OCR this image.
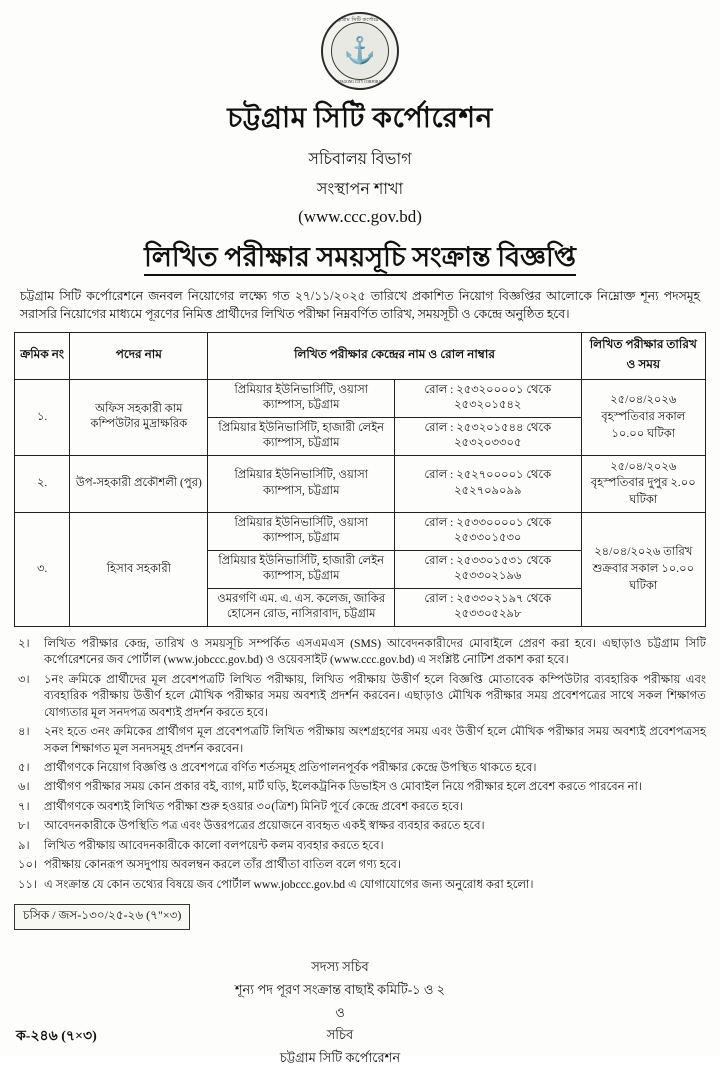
চট্টগ্রাম সিটি কর্পোরেশন
⚓
CHITTAGONG CITY CORPORATION
চট্টগ্রাম সিটি কর্পোরেশন
সচিবালয় বিভাগ
সংস্থাপন শাখা
(www.ccc.gov.bd)
লিখিত পরীক্ষার সময়সূচি সংক্রান্ত বিজ্ঞপ্তি
চট্টগ্রাম সিটি কর্পোরেশনে জনবল নিয়োগের লক্ষ্যে গত ২৭/১১/২০২৫ তারিখে প্রকাশিত নিয়োগ বিজ্ঞপ্তির আলোকে নিম্নোক্ত শূন্য পদসমূহ সরাসরি নিয়োগের মাধ্যমে পূরণের নিমিত্ত প্রার্থীদের লিখিত পরীক্ষা নিম্নবর্ণিত তারিখ, সময়সূচী ও কেন্দ্রে অনুষ্ঠিত হবে।
ক্রমিক নং	পদের নাম	লিখিত পরীক্ষার কেন্দ্রের নাম ও রোল নাম্বার		লিখিত পরীক্ষার তারিখ ও সময়
১.	অফিস সহকারী কাম কম্পিউটার মুদ্রাক্ষরিক	প্রিমিয়ার ইউনিভার্সিটি, ওয়াসা ক্যাম্পাস, চট্টগ্রাম	রোল : ২৫৩২০০০০১ থেকে ২৫৩২০১৫৪২	২৫/০৪/২০২৬ বৃহস্পতিবার সকাল ১০.০০ ঘটিকা
		প্রিমিয়ার ইউনিভার্সিটি, হাজারী লেইন ক্যাম্পাস, চট্টগ্রাম	রোল : ২৫৩২০১৫৪৪ থেকে ২৫৩২০৩৩০৫	
২.	উপ-সহকারী প্রকৌশলী (পুর)	প্রিমিয়ার ইউনিভার্সিটি, ওয়াসা ক্যাম্পাস, চট্টগ্রাম	রোল : ২৫২৭০০০০১ থেকে ২৫২৭০৯০৯৯	২৫/০৪/২০২৬ বৃহস্পতিবার দুপুর ২.০০ ঘটিকা
৩.	হিসাব সহকারী	প্রিমিয়ার ইউনিভার্সিটি, ওয়াসা ক্যাম্পাস, চট্টগ্রাম	রোল : ২৫৩৩০০০০১ থেকে ২৫৩৩০১৫৩০	২৪/০৪/২০২৬ তারিখ শুক্রবার সকাল ১০.০০ ঘটিকা
		প্রিমিয়ার ইউনিভার্সিটি, হাজারী লেইন ক্যাম্পাস, চট্টগ্রাম	রোল : ২৫৩৩০১৫৩১ থেকে ২৫৩৩০২১৯৬	
		ওমরগণি এম. এ. এস. কলেজ, জাকির হোসেন রোড, নাসিরাবাদ, চট্টগ্রাম	রোল : ২৫৩৩০২১৯৭ থেকে ২৫৩৩০৫২৯৮	
২।	লিখিত পরীক্ষার কেন্দ্র, তারিখ ও সময়সূচি সম্পর্কিত এসএমএস (SMS) আবেদনকারীদের মোবাইলে প্রেরণ করা হবে। এছাড়াও চট্টগ্রাম সিটি কর্পোরেশনের জব পোর্টাল (www.jobccc.gov.bd) ও ওয়েবসাইট (www.ccc.gov.bd) এ সংশ্লিষ্ট নোটিশ প্রকাশ করা হবে।
৩।	১নং ক্রমিকে প্রার্থীদের মূল প্রবেশপত্রটি লিখিত পরীক্ষায়, লিখিত পরীক্ষায় উত্তীর্ণ হলে বিজ্ঞপ্তি মোতাবেক কম্পিউটার ব্যবহারিক পরীক্ষায় এবং ব্যবহারিক পরীক্ষায় উত্তীর্ণ হলে মৌখিক পরীক্ষার সময় অবশ্যই প্রদর্শন করবেন। এছাড়াও মৌখিক পরীক্ষার সময় প্রবেশপত্রের সাথে সকল শিক্ষাগত যোগ্যতার মূল সনদপত্র অবশ্যই প্রদর্শন করতে হবে।
৪।	২নং হতে ৩নং ক্রমিকের প্রার্থীগণ মূল প্রবেশপত্রটি লিখিত পরীক্ষায় অংশগ্রহণের সময় এবং উত্তীর্ণ হলে মৌখিক পরীক্ষার সময় অবশ্যই প্রবেশপত্রসহ সকল শিক্ষাগত মূল সনদসমূহ প্রদর্শন করবেন।
৫।	প্রার্থীগণকে নিয়োগ বিজ্ঞপ্তি ও প্রবেশপত্রে বর্ণিত শর্তসমূহ প্রতিপালনপূর্বক পরীক্ষার কেন্দ্রে উপস্থিত থাকতে হবে।
৬।	প্রার্থীগণ পরীক্ষার সময় কোন প্রকার বই, ব্যাগ, মার্ট ঘড়ি, ইলেকট্রনিক ডিভাইস ও মোবাইল নিয়ে পরীক্ষার হলে প্রবেশ করতে পারবেন না।
৭।	প্রার্থীগণকে অবশ্যই লিখিত পরীক্ষা শুরু হওয়ার ৩০(ত্রিশ) মিনিট পূর্বে কেন্দ্রে প্রবেশ করতে হবে।
৮।	আবেদনকারীকে উপস্থিতি পত্র এবং উত্তরপত্রের প্রয়োজনে ব্যবহৃত একই স্বাক্ষর ব্যবহার করতে হবে।
৯।	লিখিত পরীক্ষায় আবেদনকারীকে কালো বলপয়েন্ট কলম ব্যবহার করতে হবে।
১০। পরীক্ষায় কোনরূপ অসদুপায় অবলম্বন করলে তাঁর প্রার্থীতা বাতিল বলে গণ্য হবে।
১১। এ সংক্রান্ত যে কোন তথ্যের বিষয়ে জব পোর্টাল www.jobccc.gov.bd এ যোগাযোগের জন্য অনুরোধ করা হলো।
চসিক / জস-১৩০/২৫-২৬ (৭"×৩)
সদস্য সচিব
শূন্য পদ পূরণ সংক্রান্ত বাছাই কমিটি-১ ও ২
ও
সচিব
চট্টগ্রাম সিটি কর্পোরেশন
ক-২৪৬ (৭×৩)
